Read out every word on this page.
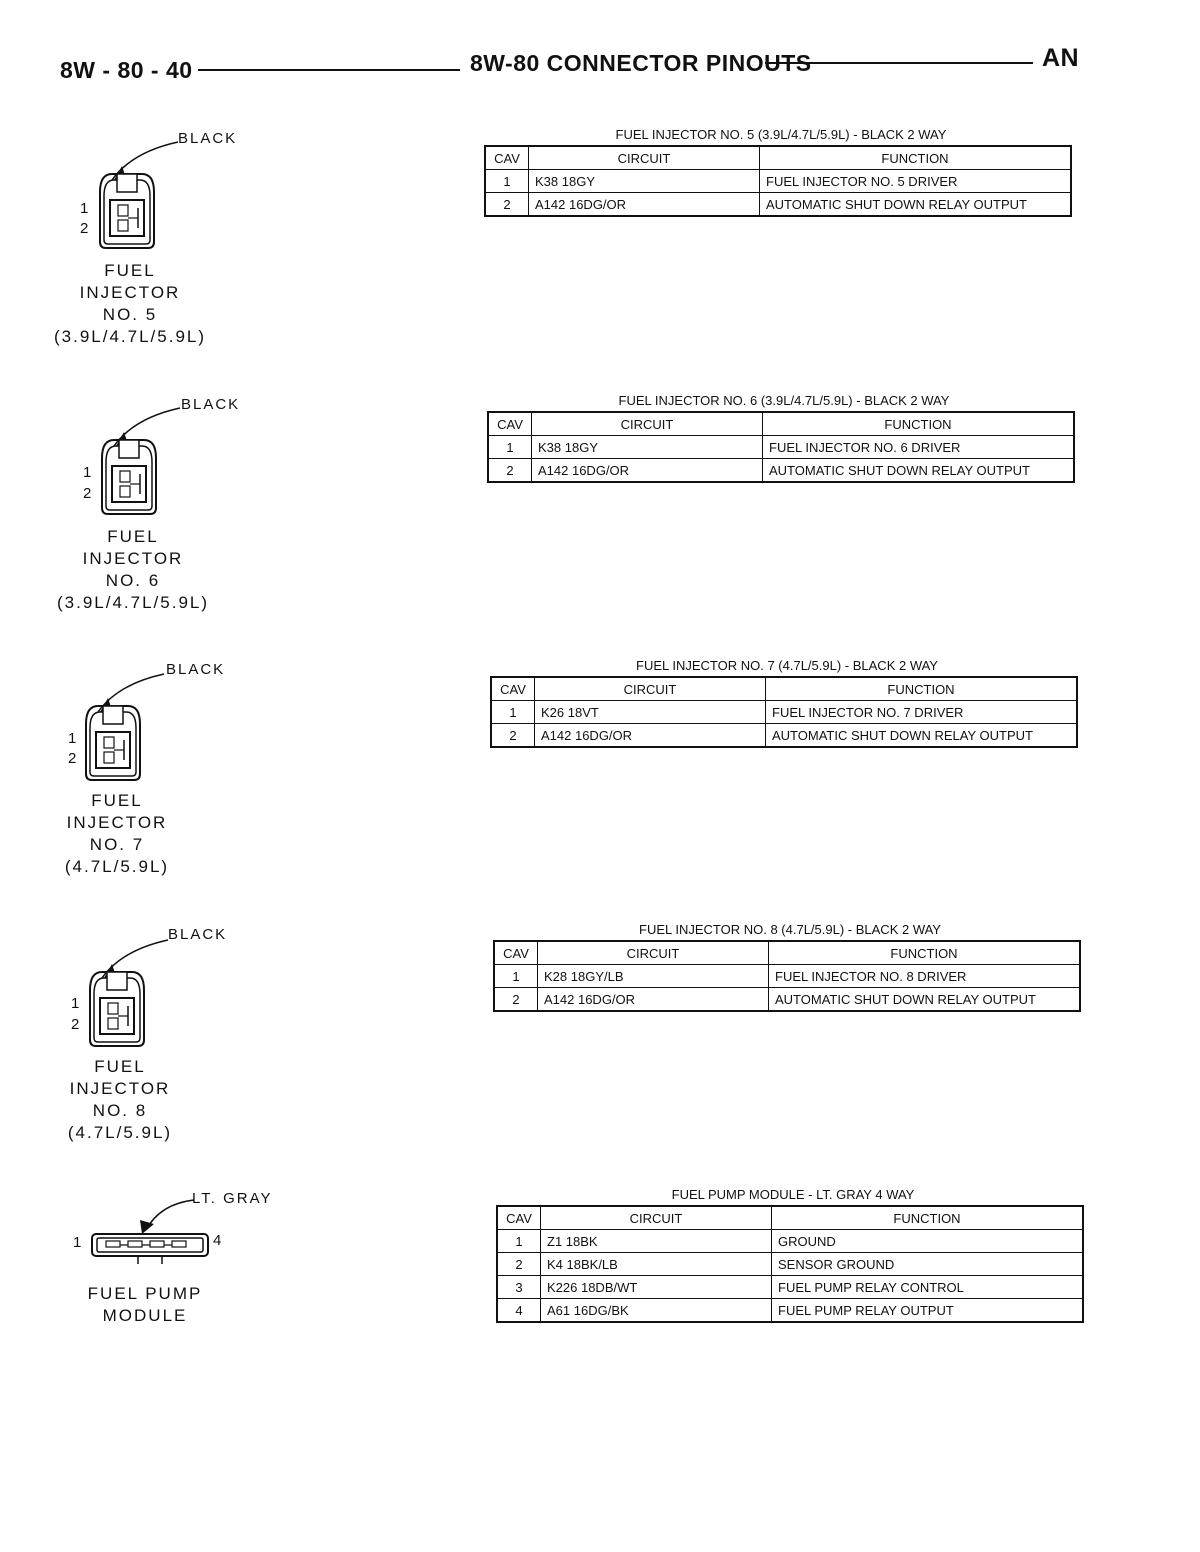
8W - 80 - 40	8W-80 CONNECTOR PINOUTS	AN
BLACK
1
2
FUEL
INJECTOR
NO. 5
(3.9L/4.7L/5.9L)
FUEL INJECTOR NO. 5 (3.9L/4.7L/5.9L) - BLACK 2 WAY
CAV	CIRCUIT	FUNCTION
1	K38 18GY	FUEL INJECTOR NO. 5 DRIVER
2	A142 16DG/OR	AUTOMATIC SHUT DOWN RELAY OUTPUT
BLACK
1
2
FUEL
INJECTOR
NO. 6
(3.9L/4.7L/5.9L)
FUEL INJECTOR NO. 6 (3.9L/4.7L/5.9L) - BLACK 2 WAY
CAV	CIRCUIT	FUNCTION
1	K38 18GY	FUEL INJECTOR NO. 6 DRIVER
2	A142 16DG/OR	AUTOMATIC SHUT DOWN RELAY OUTPUT
BLACK
1
2
FUEL
INJECTOR
NO. 7
(4.7L/5.9L)
FUEL INJECTOR NO. 7 (4.7L/5.9L) - BLACK 2 WAY
CAV	CIRCUIT	FUNCTION
1	K26 18VT	FUEL INJECTOR NO. 7 DRIVER
2	A142 16DG/OR	AUTOMATIC SHUT DOWN RELAY OUTPUT
BLACK
1
2
FUEL
INJECTOR
NO. 8
(4.7L/5.9L)
FUEL INJECTOR NO. 8 (4.7L/5.9L) - BLACK 2 WAY
CAV	CIRCUIT	FUNCTION
1	K28 18GY/LB	FUEL INJECTOR NO. 8 DRIVER
2	A142 16DG/OR	AUTOMATIC SHUT DOWN RELAY OUTPUT
LT. GRAY
1	4
FUEL PUMP
MODULE
FUEL PUMP MODULE - LT. GRAY 4 WAY
CAV	CIRCUIT	FUNCTION
1	Z1 18BK	GROUND
2	K4 18BK/LB	SENSOR GROUND
3	K226 18DB/WT	FUEL PUMP RELAY CONTROL
4	A61 16DG/BK	FUEL PUMP RELAY OUTPUT
